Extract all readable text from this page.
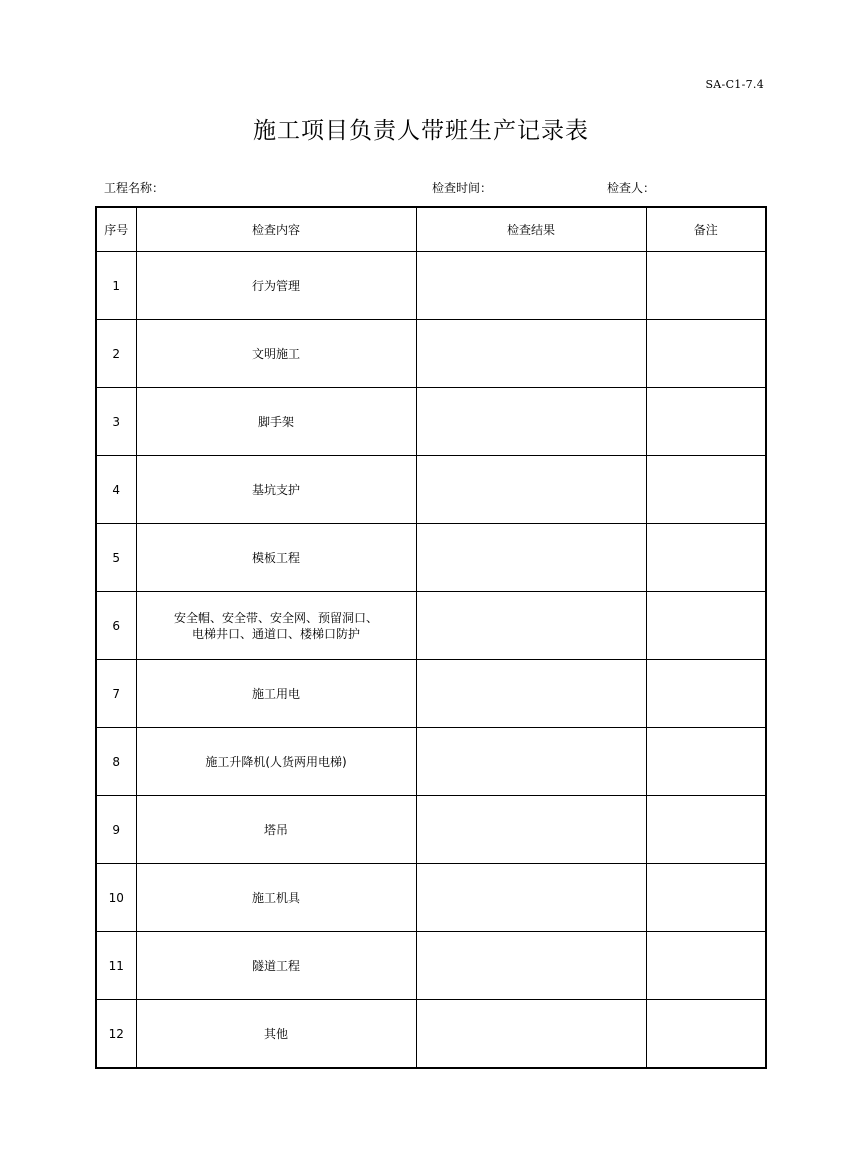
SA-C1-7.4
施工项目负责人带班生产记录表
工程名称：	检查时间：	检查人：
序号	检查内容	检查结果	备注
1	行为管理		
2	文明施工		
3	脚手架		
4	基坑支护		
5	模板工程		
6	安全帽、安全带、安全网、预留洞口、
电梯井口、通道口、楼梯口防护		

7	施工用电		
8	施工升降机(人货两用电梯)		
9	塔吊		
10	施工机具		
11	隧道工程		
12	其他		
